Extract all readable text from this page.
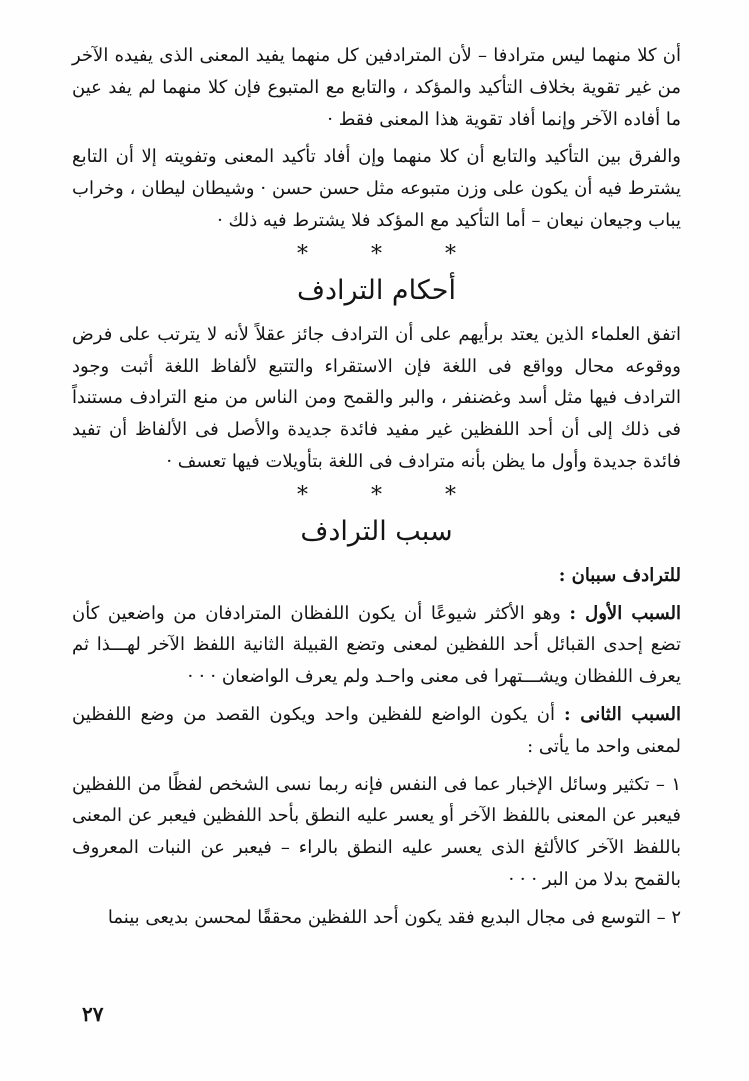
أن كلا منهما ليس مترادفا – لأن المترادفين كل منهما يفيد المعنى الذى يفيده الآخر من غير تقوية بخلاف التأكيد والمؤكد ، والتابع مع المتبوع فإن كلا منهما لم يفد عين ما أفاده الآخر وإنما أفاد تقوية هذا المعنى فقط ·

والفرق بين التأكيد والتابع أن كلا منهما وإن أفاد تأكيد المعنى وتفويته إلا أن التابع يشترط فيه أن يكون على وزن متبوعه مثل حسن حسن · وشيطان ليطان ، وخراب يباب وجيعان نيعان – أما التأكيد مع المؤكد فلا يشترط فيه ذلك ·

* * *
أحكام الترادف

اتفق العلماء الذين يعتد برأيهم على أن الترادف جائز عقلاً لأنه لا يترتب على فرض ووقوعه محال وواقع فى اللغة فإن الاستقراء والتتبع لألفاظ اللغة أثبت وجود الترادف فيها مثل أسد وغضنفر ، والبر والقمح ومن الناس من منع الترادف مستنداً فى ذلك إلى أن أحد اللفظين غير مفيد فائدة جديدة والأصل فى الألفاظ أن تفيد فائدة جديدة وأول ما يظن بأنه مترادف فى اللغة بتأويلات فيها تعسف ·

* * *
سبب الترادف

للترادف سببان :

السبب الأول : وهو الأكثر شيوعًا أن يكون اللفظان المترادفان من واضعين كأن تضع إحدى القبائل أحد اللفظين لمعنى وتضع القبيلة الثانية اللفظ الآخر لهـــذا ثم يعرف اللفظان ويشـــتهرا فى معنى واحـد ولم يعرف الواضعان · · ·

السبب الثانى : أن يكون الواضع للفظين واحد ويكون القصد من وضع اللفظين لمعنى واحد ما يأتى :

١ – تكثير وسائل الإخبار عما فى النفس فإنه ربما نسى الشخص لفظًا من اللفظين فيعبر عن المعنى باللفظ الآخر أو يعسر عليه النطق بأحد اللفظين فيعبر عن المعنى باللفظ الآخر كالألثغ الذى يعسر عليه النطق بالراء – فيعبر عن النبات المعروف بالقمح بدلا من البر · · ·

٢ – التوسع فى مجال البديع فقد يكون أحد اللفظين محققًا لمحسن بديعى بينما

٢٧
